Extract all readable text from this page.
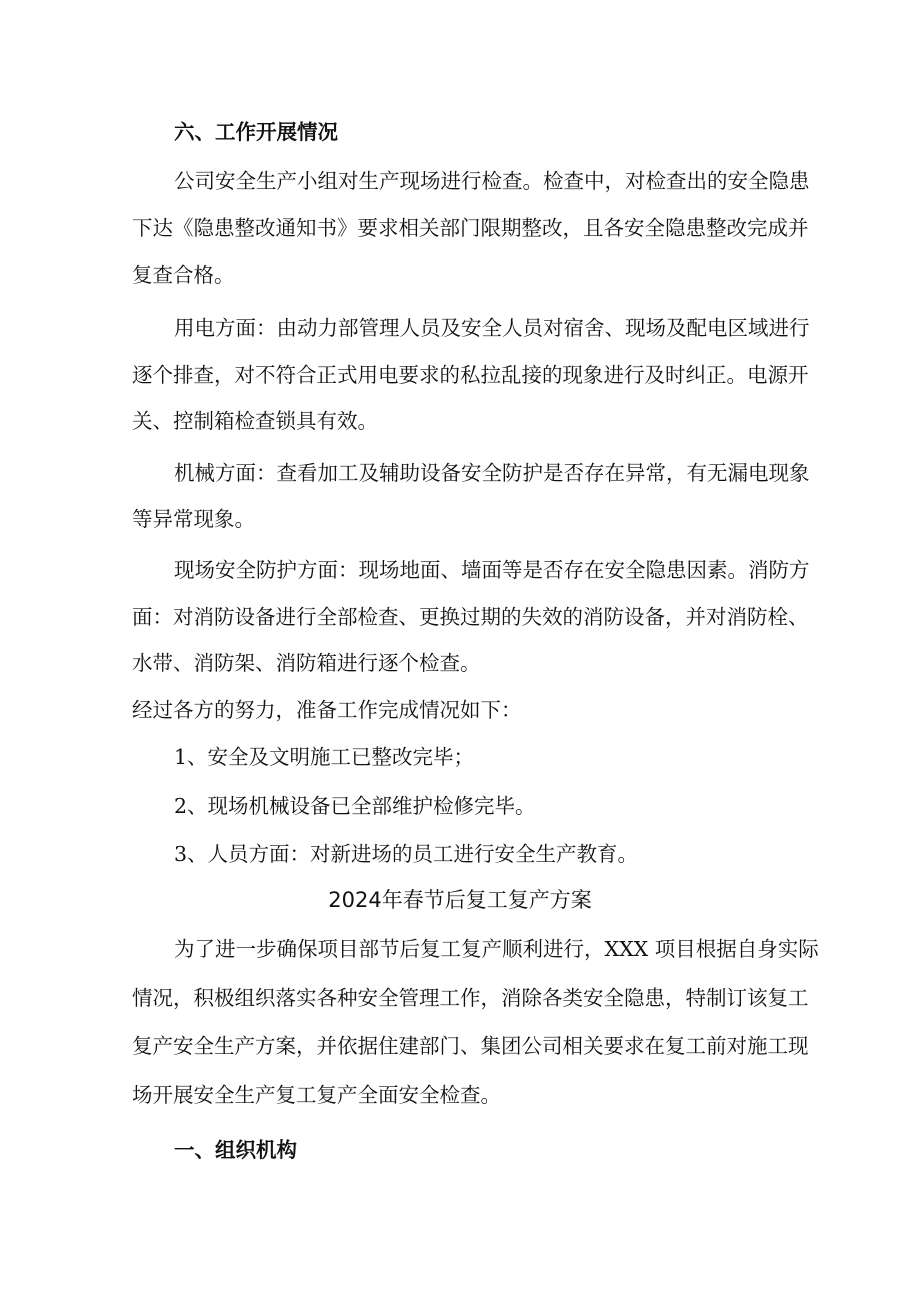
六、工作开展情况
公司安全生产小组对生产现场进行检查。检查中，对检查出的安全隐患
下达《隐患整改通知书》要求相关部门限期整改，且各安全隐患整改完成并
复查合格。
用电方面：由动力部管理人员及安全人员对宿舍、现场及配电区域进行
逐个排查，对不符合正式用电要求的私拉乱接的现象进行及时纠正。电源开
关、控制箱检查锁具有效。
机械方面：查看加工及辅助设备安全防护是否存在异常，有无漏电现象
等异常现象。
现场安全防护方面：现场地面、墙面等是否存在安全隐患因素。消防方
面：对消防设备进行全部检查、更换过期的失效的消防设备，并对消防栓、
水带、消防架、消防箱进行逐个检查。
经过各方的努力，准备工作完成情况如下：
1、安全及文明施工已整改完毕；
2、现场机械设备已全部维护检修完毕。
3、人员方面：对新进场的员工进行安全生产教育。
2024年春节后复工复产方案
为了进一步确保项目部节后复工复产顺利进行，XXX 项目根据自身实际
情况，积极组织落实各种安全管理工作，消除各类安全隐患，特制订该复工
复产安全生产方案，并依据住建部门、集团公司相关要求在复工前对施工现
场开展安全生产复工复产全面安全检查。
一、组织机构
